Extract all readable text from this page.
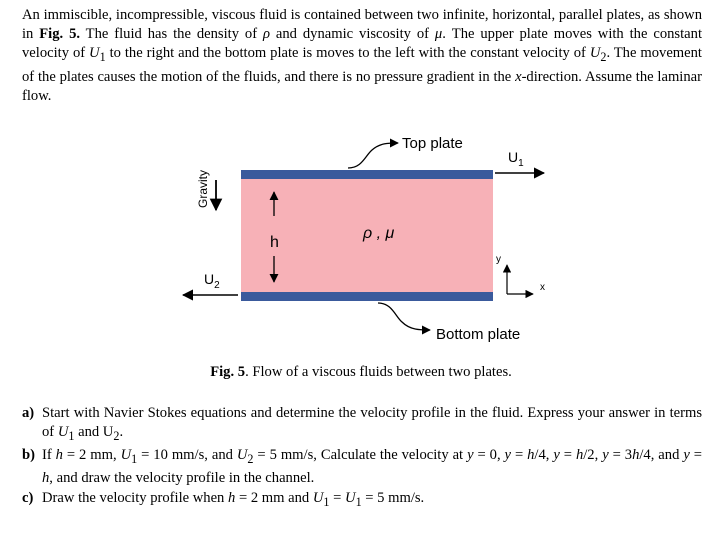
An immiscible, incompressible, viscous fluid is contained between two infinite, horizontal, parallel plates, as shown in Fig. 5. The fluid has the density of ρ and dynamic viscosity of μ. The upper plate moves with the constant velocity of $U_1$ to the right and the bottom plate is moves to the left with the constant velocity of $U_2$. The movement of the plates causes the motion of the fluids, and there is no pressure gradient in the x-direction. Assume the laminar flow.

Top plate
Bottom plate
$U_1$
$U_2$
Gravity
h
ρ , μ
y
x
Fig. 5. Flow of a viscous fluids between two plates.
a) Start with Navier Stokes equations and determine the velocity profile in the fluid. Express your answer in terms of $U_1$ and $U_2$.
b) If h = 2 mm, $U_1 = 10$ mm/s, and $U_2 = 5$ mm/s, Calculate the velocity at y = 0, y = h/4, y = h/2, y = 3h/4, and y = h, and draw the velocity profile in the channel.
c) Draw the velocity profile when h = 2 mm and $U_1 = U_1 = 5$ mm/s.
